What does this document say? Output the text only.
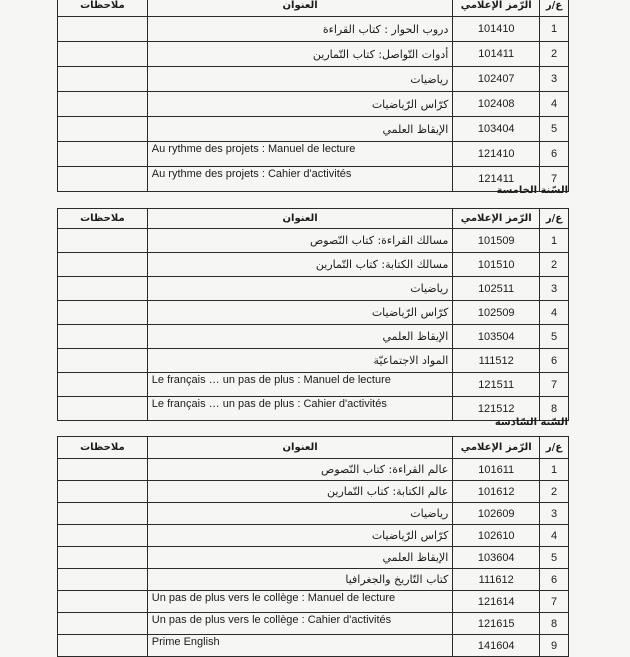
ملاحظات	العنوان	الرّمز الإعلامي	ع/ر
	دروب الحوار : كتاب القراءة	101410	1
	أدوات التّواصل: كتاب التّمارين	101411	2
	رياضيات	102407	3
	كرّاس الرّياضيات	102408	4
	الإيقاظ العلمي	103404	5
	Au rythme des projets : Manuel de lecture	121410	6
	Au rythme des projets : Cahier d'activités	121411	7
السّنة الخامسة
ملاحظات	العنوان	الرّمز الإعلامي	ع/ر
	مسالك القراءة: كتاب النّصوص	101509	1
	مسالك الكتابة: كتاب التّمارين	101510	2
	رياضيات	102511	3
	كرّاس الرّياضيات	102509	4
	الإيقاظ العلمي	103504	5
	المواد الاجتماعيّة	111512	6
	Le français … un pas de plus : Manuel de lecture	121511	7
	Le français … un pas de plus : Cahier d'activités	121512	8
السّنة السّادسة
ملاحظات	العنوان	الرّمز الإعلامي	ع/ر
	عالم القراءة: كتاب النّصوص	101611	1
	عالم الكتابة: كتاب التّمارين	101612	2
	رياضيات	102609	3
	كرّاس الرّياضيات	102610	4
	الإيقاظ العلمي	103604	5
	كتاب التّاريخ والجغرافيا	111612	6
	Un pas de plus vers le collège : Manuel de lecture	121614	7
	Un pas de plus vers le collège : Cahier d'activités	121615	8
	Prime English	141604	9
